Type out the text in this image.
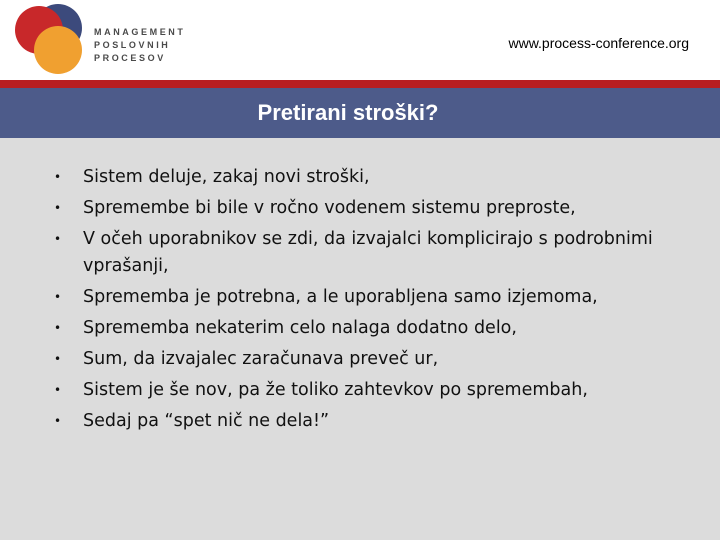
MANAGEMENT
POSLOVNIH
PROCESOV
www.process-conference.org
Pretirani stroški?
• Sistem deluje, zakaj novi stroški,
• Spremembe bi bile v ročno vodenem sistemu preproste,
• V očeh uporabnikov se zdi, da izvajalci komplicirajo s podrobnimi vprašanji,
• Sprememba je potrebna, a le uporabljena samo izjemoma,
• Sprememba nekaterim celo nalaga dodatno delo,
• Sum, da izvajalec zaračunava preveč ur,
• Sistem je še nov, pa že toliko zahtevkov po spremembah,
• Sedaj pa “spet nič ne dela!”
